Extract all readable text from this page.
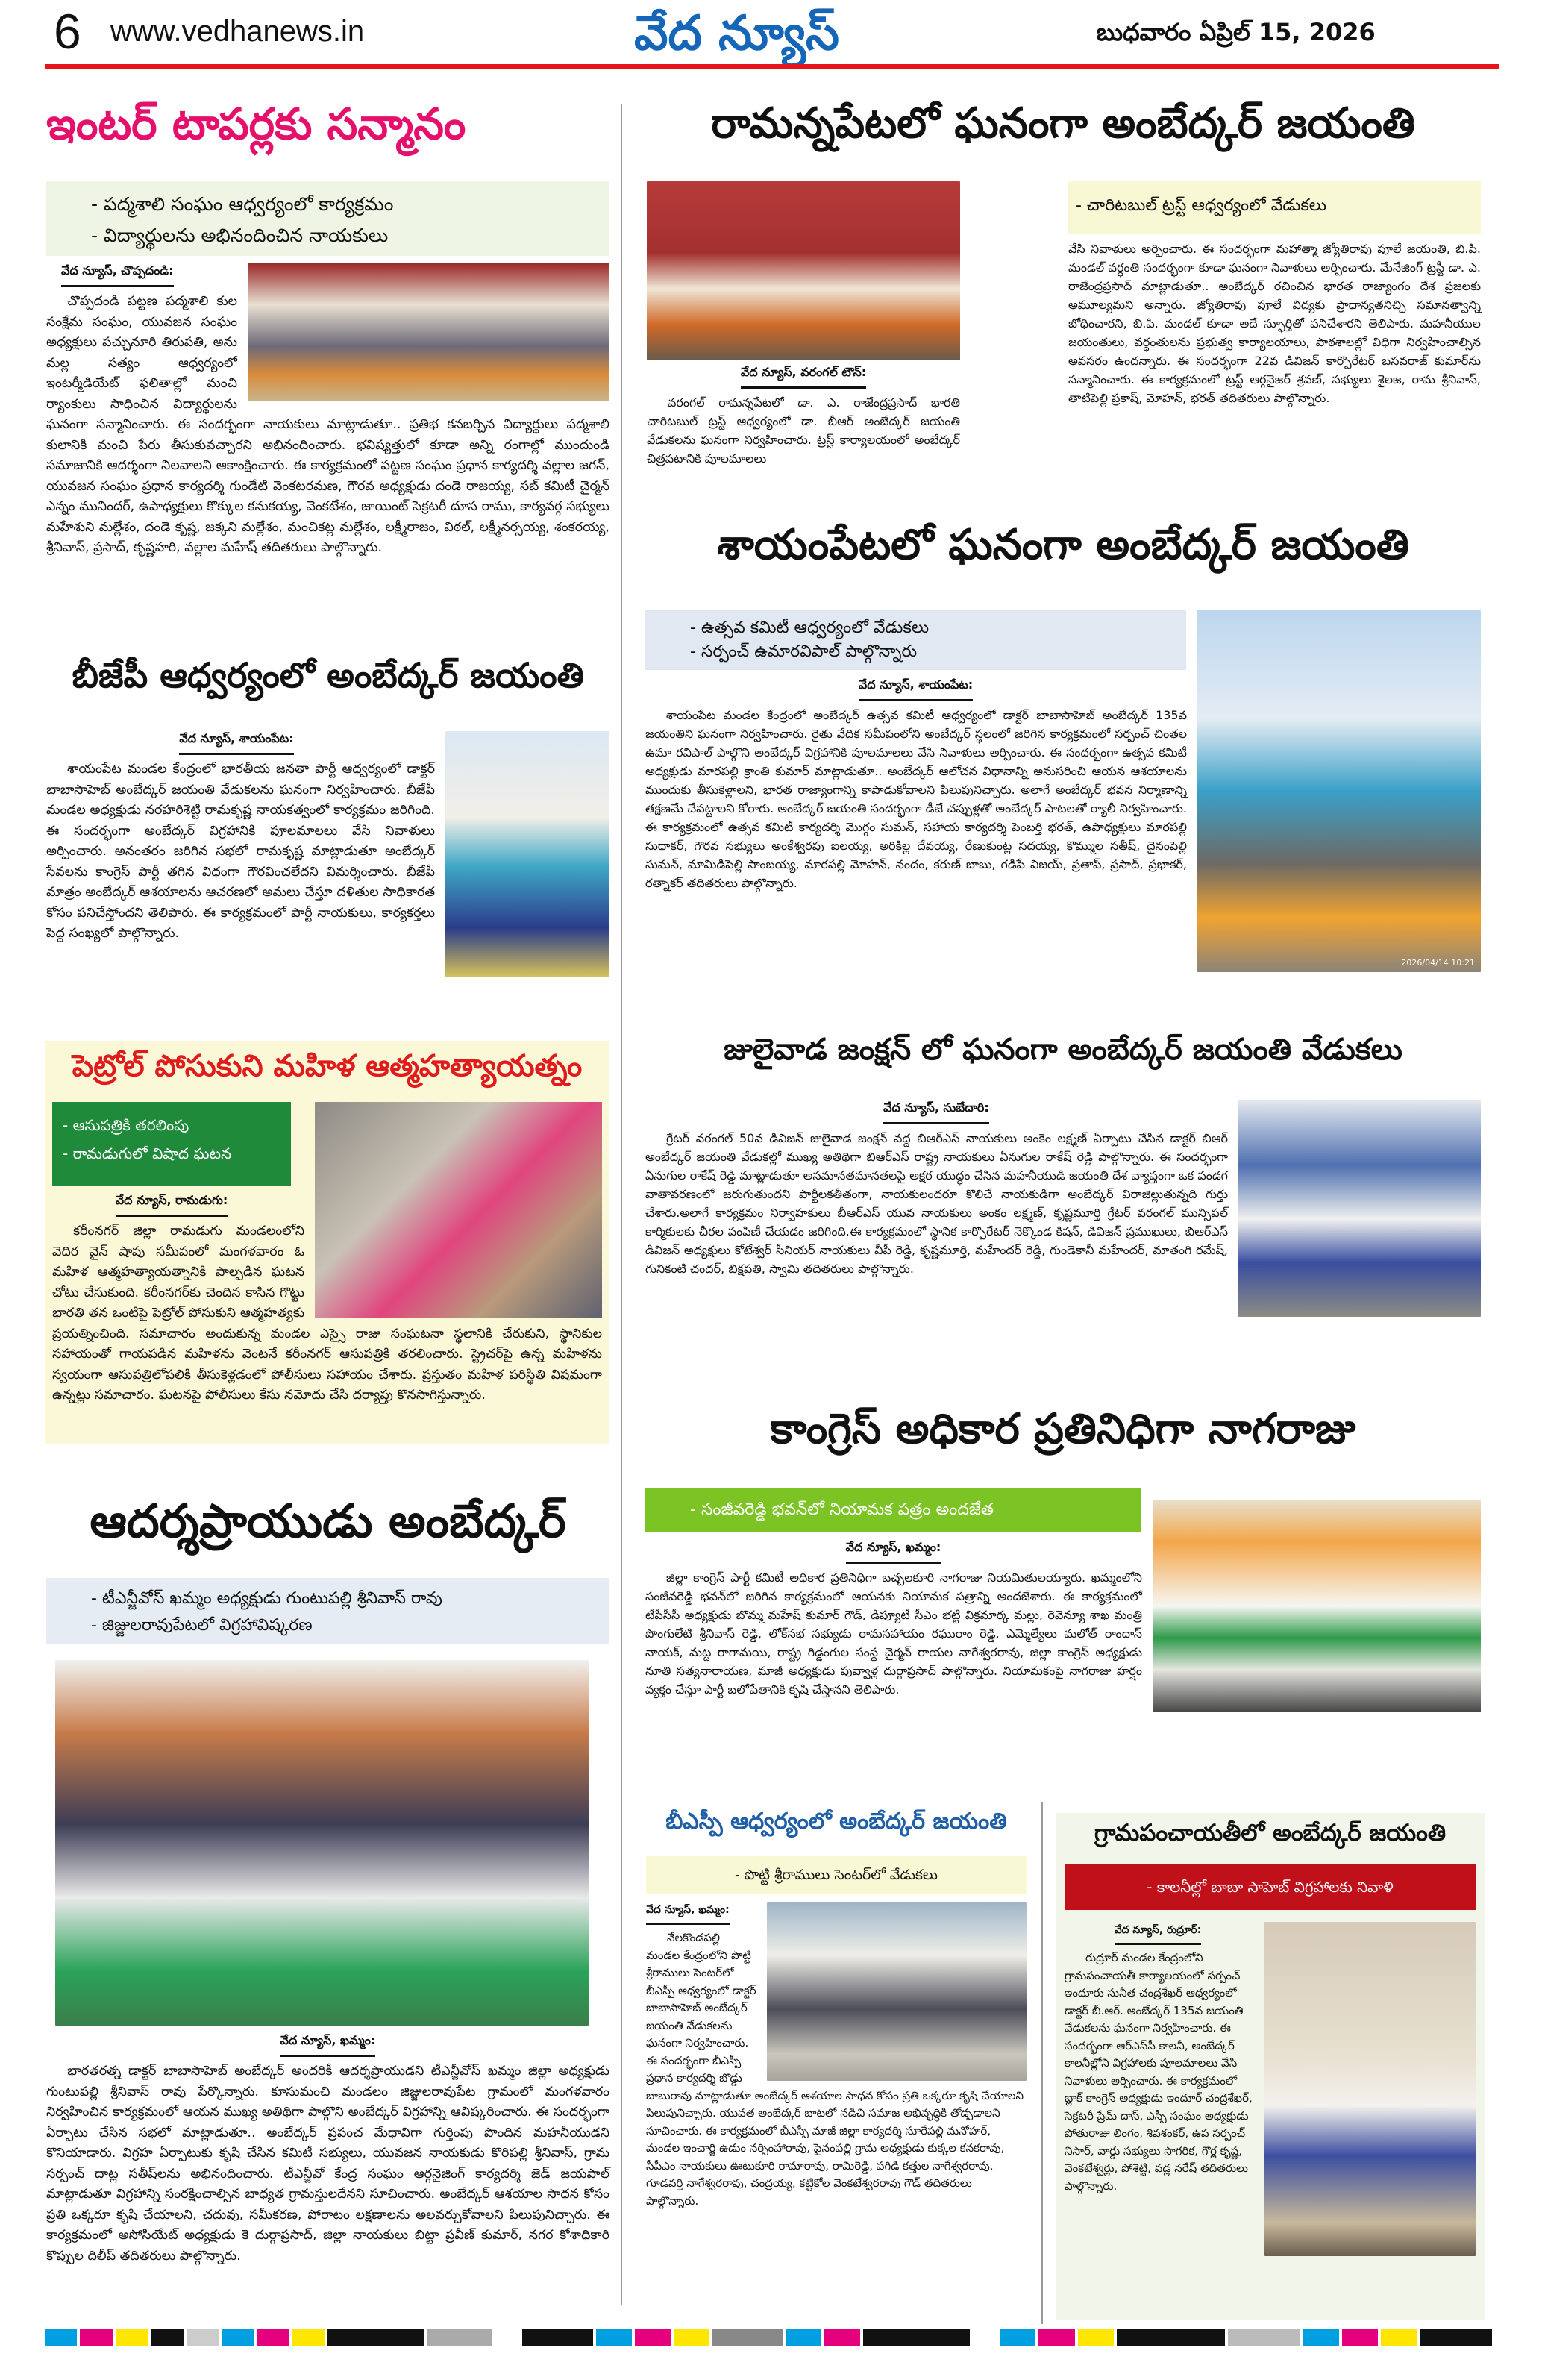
6 www.vedhanews.in	వేద న్యూస్	బుధవారం ఏప్రిల్ 15, 2026
ఇంటర్ టాపర్లకు సన్మానం
- పద్మశాలి సంఘం ఆధ్వర్యంలో కార్యక్రమం
- విద్యార్థులను అభినందించిన నాయకులు
వేద న్యూస్, చొప్పదండి:
చొప్పదండి పట్టణ పద్మశాలి కుల సంక్షేమ సంఘం, యువజన సంఘం అధ్యక్షులు పచ్చునూరి తిరుపతి, అను మల్ల సత్యం ఆధ్వర్యంలో ఇంటర్మీడియేట్ ఫలితాల్లో మంచి ర్యాంకులు సాధించిన విద్యార్థులను ఘనంగా సన్మానించారు. ఈ సందర్భంగా నాయకులు మాట్లాడుతూ.. ప్రతిభ కనబర్చిన విద్యార్థులు పద్మశాలి కులానికి మంచి పేరు తీసుకువచ్చారని అభినందించారు. భవిష్యత్తులో కూడా అన్ని రంగాల్లో ముందుండి సమాజానికి ఆదర్శంగా నిలవాలని ఆకాంక్షించారు. ఈ కార్యక్రమంలో పట్టణ సంఘం ప్రధాన కార్యదర్శి వల్లాల జగన్, యువజన సంఘం ప్రధాన కార్యదర్శి గుండేటి వెంకటరమణ, గౌరవ అధ్యక్షుడు దండె రాజయ్య, సబ్ కమిటీ చైర్మన్ ఎన్నం మునిందర్, ఉపాధ్యక్షులు కొక్కుల కనుకయ్య, వెంకటేశం, జాయింట్ సెక్రటరీ దూస రాము, కార్యవర్గ సభ్యులు మహేశుని మల్లేశం, దండె కృష్ణ, జక్కని మల్లేశం, మంచికట్ల మల్లేశం, లక్ష్మీరాజం, విఠల్, లక్ష్మీనర్సయ్య, శంకరయ్య, శ్రీనివాస్, ప్రసాద్, కృష్ణహరి, వల్లాల మహేష్ తదితరులు పాల్గొన్నారు.
బీజేపీ ఆధ్వర్యంలో అంబేద్కర్ జయంతి
వేద న్యూస్, శాయంపేట:
శాయంపేట మండల కేంద్రంలో భారతీయ జనతా పార్టీ ఆధ్వర్యంలో డాక్టర్ బాబాసాహెబ్ అంబేద్కర్ జయంతి వేడుకలను ఘనంగా నిర్వహించారు. బీజేపీ మండల అధ్యక్షుడు నరహరిశెట్టి రామకృష్ణ నాయకత్వంలో కార్యక్రమం జరిగింది. ఈ సందర్భంగా అంబేద్కర్ విగ్రహానికి పూలమాలలు వేసి నివాళులు అర్పించారు. అనంతరం జరిగిన సభలో రామకృష్ణ మాట్లాడుతూ అంబేద్కర్ సేవలను కాంగ్రెస్ పార్టీ తగిన విధంగా గౌరవించలేదని విమర్శించారు. బీజేపీ మాత్రం అంబేద్కర్ ఆశయాలను ఆచరణలో అమలు చేస్తూ దళితుల సాధికారత కోసం పనిచేస్తోందని తెలిపారు. ఈ కార్యక్రమంలో పార్టీ నాయకులు, కార్యకర్తలు పెద్ద సంఖ్యలో పాల్గొన్నారు.
పెట్రోల్ పోసుకుని మహిళ ఆత్మహత్యాయత్నం
- ఆసుపత్రికి తరలింపు
- రామడుగులో విషాద ఘటన
వేద న్యూస్, రామడుగు:
కరీంనగర్ జిల్లా రామడుగు మండలంలోని వెదిర వైన్ షాపు సమీపంలో మంగళవారం ఓ మహిళ ఆత్మహత్యాయత్నానికి పాల్పడిన ఘటన చోటు చేసుకుంది. కరీంనగర్‌కు చెందిన కాసిన గొట్టు భారతి తన ఒంటిపై పెట్రోల్ పోసుకుని ఆత్మహత్యకు ప్రయత్నించింది. సమాచారం అందుకున్న మండల ఎస్సై రాజు సంఘటనా స్థలానికి చేరుకుని, స్థానికుల సహాయంతో గాయపడిన మహిళను వెంటనే కరీంనగర్ ఆసుపత్రికి తరలించారు. స్ట్రెచర్‌పై ఉన్న మహిళను స్వయంగా ఆసుపత్రిలోపలికి తీసుకెళ్లడంలో పోలీసులు సహాయం చేశారు. ప్రస్తుతం మహిళ పరిస్థితి విషమంగా ఉన్నట్లు సమాచారం. ఘటనపై పోలీసులు కేసు నమోదు చేసి దర్యాప్తు కొనసాగిస్తున్నారు.
ఆదర్శప్రాయుడు అంబేద్కర్
- టీఎన్జీవోస్ ఖమ్మం అధ్యక్షుడు గుంటుపల్లి శ్రీనివాస్ రావు
- జిజ్జులరావుపేటలో విగ్రహావిష్కరణ
వేద న్యూస్, ఖమ్మం:
భారతరత్న డాక్టర్ బాబాసాహెబ్ అంబేద్కర్ అందరికీ ఆదర్శప్రాయుడని టీఎన్జీవోస్ ఖమ్మం జిల్లా అధ్యక్షుడు గుంటుపల్లి శ్రీనివాస్ రావు పేర్కొన్నారు. కూసుమంచి మండలం జిజ్జులరావుపేట గ్రామంలో మంగళవారం నిర్వహించిన కార్యక్రమంలో ఆయన ముఖ్య అతిథిగా పాల్గొని అంబేద్కర్ విగ్రహాన్ని ఆవిష్కరించారు. ఈ సందర్భంగా ఏర్పాటు చేసిన సభలో మాట్లాడుతూ.. అంబేద్కర్ ప్రపంచ మేధావిగా గుర్తింపు పొందిన మహనీయుడని కొనియాడారు. విగ్రహ ఏర్పాటుకు కృషి చేసిన కమిటీ సభ్యులు, యువజన నాయకుడు కొరిపల్లి శ్రీనివాస్, గ్రామ సర్పంచ్ దాట్ల సతీష్‌లను అభినందించారు. టీఎన్జీవో కేంద్ర సంఘం ఆర్గనైజింగ్ కార్యదర్శి జెడ్ జయపాల్ మాట్లాడుతూ విగ్రహాన్ని సంరక్షించాల్సిన బాధ్యత గ్రామస్తులదేనని సూచించారు. అంబేద్కర్ ఆశయాల సాధన కోసం ప్రతి ఒక్కరూ కృషి చేయాలని, చదువు, సమీకరణ, పోరాటం లక్షణాలను అలవర్చుకోవాలని పిలుపునిచ్చారు. ఈ కార్యక్రమంలో అసోసియేట్ అధ్యక్షుడు కె దుర్గాప్రసాద్, జిల్లా నాయకులు బిట్టా ప్రవీణ్ కుమార్, నగర కోశాధికారి కొప్పుల దిలీప్ తదితరులు పాల్గొన్నారు.
రామన్నపేటలో ఘనంగా అంబేద్కర్ జయంతి
వేద న్యూస్, వరంగల్ టౌన్:
వరంగల్ రామన్నపేటలో డా. ఎ. రాజేంద్రప్రసాద్ భారతి చారిటబుల్ ట్రస్ట్ ఆధ్వర్యంలో డా. బీఆర్ అంబేద్కర్ జయంతి వేడుకలను ఘనంగా నిర్వహించారు. ట్రస్ట్ కార్యాలయంలో అంబేద్కర్ చిత్రపటానికి పూలమాలలు
- చారిటబుల్ ట్రస్ట్ ఆధ్వర్యంలో వేడుకలు
వేసి నివాళులు అర్పించారు. ఈ సందర్భంగా మహాత్మా జ్యోతిరావు పూలే జయంతి, బి.పి. మండల్ వర్ధంతి సందర్భంగా కూడా ఘనంగా నివాళులు అర్పించారు. మేనేజింగ్ ట్రస్టీ డా. ఎ. రాజేంద్రప్రసాద్ మాట్లాడుతూ.. అంబేద్కర్ రచించిన భారత రాజ్యాంగం దేశ ప్రజలకు అమూల్యమని అన్నారు. జ్యోతిరావు పూలే విద్యకు ప్రాధాన్యతనిచ్చి సమానత్వాన్ని బోధించారని, బి.పి. మండల్ కూడా అదే స్ఫూర్తితో పనిచేశారని తెలిపారు. మహనీయుల జయంతులు, వర్ధంతులను ప్రభుత్వ కార్యాలయాలు, పాఠశాలల్లో విధిగా నిర్వహించాల్సిన అవసరం ఉందన్నారు. ఈ సందర్భంగా 22వ డివిజన్ కార్పొరేటర్ బసవరాజ్ కుమార్‌ను సన్మానించారు. ఈ కార్యక్రమంలో ట్రస్ట్ ఆర్గనైజర్ శ్రవణ్, సభ్యులు శైలజ, రామ శ్రీనివాస్, తాటిపెల్లి ప్రకాష్, మోహన్, భరత్ తదితరులు పాల్గొన్నారు.
శాయంపేటలో ఘనంగా అంబేద్కర్ జయంతి
2026/04/14 10:21
- ఉత్సవ కమిటీ ఆధ్వర్యంలో వేడుకలు
- సర్పంచ్ ఉమారవిపాల్ పాల్గొన్నారు
వేద న్యూస్, శాయంపేట:
శాయంపేట మండల కేంద్రంలో అంబేద్కర్ ఉత్సవ కమిటీ ఆధ్వర్యంలో డాక్టర్ బాబాసాహెబ్ అంబేద్కర్ 135వ జయంతిని ఘనంగా నిర్వహించారు. రైతు వేదిక సమీపంలోని అంబేద్కర్ స్థలంలో జరిగిన కార్యక్రమంలో సర్పంచ్ చింతల ఉమా రవిపాల్ పాల్గొని అంబేద్కర్ విగ్రహానికి పూలమాలలు వేసి నివాళులు అర్పించారు. ఈ సందర్భంగా ఉత్సవ కమిటీ అధ్యక్షుడు మారపల్లి క్రాంతి కుమార్ మాట్లాడుతూ.. అంబేద్కర్ ఆలోచన విధానాన్ని అనుసరించి ఆయన ఆశయాలను ముందుకు తీసుకెళ్లాలని, భారత రాజ్యాంగాన్ని కాపాడుకోవాలని పిలుపునిచ్చారు. అలాగే అంబేద్కర్ భవన నిర్మాణాన్ని తక్షణమే చేపట్టాలని కోరారు. అంబేద్కర్ జయంతి సందర్భంగా డీజే చప్పుళ్లతో అంబేద్కర్ పాటలతో ర్యాలీ నిర్వహించారు. ఈ కార్యక్రమంలో ఉత్సవ కమిటీ కార్యదర్శి మొగ్గం సుమన్, సహాయ కార్యదర్శి పెంబర్తి భరత్, ఉపాధ్యక్షులు మారపల్లి సుధాకర్, గౌరవ సభ్యులు అంకేశ్వరపు ఐలయ్య, అరికిల్ల దేవయ్య, రేణుకుంట్ల సదయ్య, కొమ్ముల సతీష్, దైనంపెల్లి సుమన్, మామిడిపెల్లి సాంబయ్య, మారపల్లి మోహన్, నందం, కరుణ్ బాబు, గడిపే విజయ్, ప్రతాప్, ప్రసాద్, ప్రభాకర్, రత్నాకర్ తదితరులు పాల్గొన్నారు.
జులైవాడ జంక్షన్ లో ఘనంగా అంబేద్కర్ జయంతి వేడుకలు
వేద న్యూస్, సుబేదారి:
గ్రేటర్ వరంగల్ 50వ డివిజన్ జులైవాడ జంక్షన్ వద్ద బిఆర్ఎస్ నాయకులు అంకెం లక్ష్మణ్ ఏర్పాటు చేసిన డాక్టర్ బిఆర్ అంబేద్కర్ జయంతి వేడుకల్లో ముఖ్య అతిథిగా బిఆర్ఎస్ రాష్ట్ర నాయకులు ఏనుగుల రాకేష్ రెడ్డి పాల్గొన్నారు. ఈ సందర్భంగా ఏనుగుల రాకేష్ రెడ్డి మాట్లాడుతూ అసమానతమానతలపై అక్షర యుద్ధం చేసిన మహనీయుడి జయంతి దేశ వ్యాప్తంగా ఒక పండగ వాతావరణంలో జరుగుతుందని పార్టీలకతీతంగా, నాయకులందరూ కొలిచే నాయకుడిగా అంబేద్కర్ విరాజిల్లుతున్నది గుర్తు చేశారు.అలాగే కార్యక్రమం నిర్వాహకులు బీఆర్ఎస్ యువ నాయకులు అంకం లక్ష్మణ్, కృష్ణమూర్తి గ్రేటర్ వరంగల్ మున్సిపల్ కార్మికులకు చీరల పంపిణీ చేయడం జరిగింది.ఈ కార్యక్రమంలో స్థానిక కార్పొరేటర్ నెక్కొండ కిషన్, డివిజన్ ప్రముఖులు, బిఆర్ఎస్ డివిజన్ అధ్యక్షులు కోటేశ్వర్ సీనియర్ నాయకులు వీపీ రెడ్డి, కృష్ణమూర్తి, మహేందర్ రెడ్డి, గుండెకానీ మహేందర్, మాతంగి రమేష్, గునికంటి చందర్, బిక్షపతి, స్వామి తదితరులు పాల్గొన్నారు.
కాంగ్రెస్ అధికార ప్రతినిధిగా నాగరాజు
- సంజీవరెడ్డి భవన్‌లో నియామక పత్రం అందజేత
వేద న్యూస్, ఖమ్మం:
జిల్లా కాంగ్రెస్ పార్టీ కమిటీ అధికార ప్రతినిధిగా బచ్చలకూరి నాగరాజు నియమితులయ్యారు. ఖమ్మంలోని సంజీవరెడ్డి భవన్‌లో జరిగిన కార్యక్రమంలో ఆయనకు నియామక పత్రాన్ని అందజేశారు. ఈ కార్యక్రమంలో టీపీసీసీ అధ్యక్షుడు బొమ్మ మహేష్ కుమార్ గౌడ్, డిప్యూటీ సీఎం భట్టి విక్రమార్క మల్లు, రెవెన్యూ శాఖ మంత్రి పొంగులేటి శ్రీనివాస్ రెడ్డి, లోక్‌సభ సభ్యుడు రామసహాయం రఘురాం రెడ్డి, ఎమ్మెల్యేలు మలోత్ రాందాస్ నాయక్, మట్ట రాగామయి, రాష్ట్ర గిడ్డంగుల సంస్థ చైర్మన్ రాయల నాగేశ్వరరావు, జిల్లా కాంగ్రెస్ అధ్యక్షుడు నూతి సత్యనారాయణ, మాజీ అధ్యక్షుడు పువ్వాళ్ల దుర్గాప్రసాద్ పాల్గొన్నారు. నియామకంపై నాగరాజు హర్షం వ్యక్తం చేస్తూ పార్టీ బలోపేతానికి కృషి చేస్తానని తెలిపారు.
బీఎస్పీ ఆధ్వర్యంలో అంబేద్కర్ జయంతి
- పొట్టి శ్రీరాములు సెంటర్‌లో వేడుకలు
వేద న్యూస్, ఖమ్మం:
నేలకొండపల్లి మండల కేంద్రంలోని పొట్టి శ్రీరాములు సెంటర్‌లో బీఎస్పీ ఆధ్వర్యంలో డాక్టర్ బాబాసాహెబ్ అంబేద్కర్ జయంతి వేడుకలను ఘనంగా నిర్వహించారు. ఈ సందర్భంగా బీఎస్పీ ప్రధాన కార్యదర్శి బొడ్డు బాబురావు మాట్లాడుతూ అంబేద్కర్ ఆశయాల సాధన కోసం ప్రతి ఒక్కరూ కృషి చేయాలని పిలుపునిచ్చారు. యువత అంబేద్కర్ బాటలో నడిచి సమాజ అభివృద్ధికి తోడ్పడాలని సూచించారు. ఈ కార్యక్రమంలో బీఎస్పీ మాజీ జిల్లా కార్యదర్శి సూరేపల్లి మనోహర్, మండల ఇంచార్జి ఉడుం నర్సింహారావు, పైనంపల్లి గ్రామ అధ్యక్షుడు కుక్కల కనకరావు, సీపీఎం నాయకులు ఊటుకూరి రామారావు, రామిరెడ్డి, పగిడి కత్తుల నాగేశ్వరరావు, గూడవర్తి నాగేశ్వరరావు, చంద్రయ్య, కట్టికోల వెంకటేశ్వరరావు గౌడ్ తదితరులు పాల్గొన్నారు.
గ్రామపంచాయతీలో అంబేద్కర్ జయంతి
- కాలనీల్లో బాబా సాహెబ్ విగ్రహాలకు నివాళి
వేద న్యూస్, రుద్రూర్:
రుద్రూర్ మండల కేంద్రంలోని గ్రామపంచాయతీ కార్యాలయంలో సర్పంచ్ ఇందూరు సునీత చంద్రశేఖర్ ఆధ్వర్యంలో డాక్టర్ బీ.ఆర్. అంబేద్కర్ 135వ జయంతి వేడుకలను ఘనంగా నిర్వహించారు. ఈ సందర్భంగా ఆర్ఎస్‌సీ కాలనీ, అంబేద్కర్ కాలనీల్లోని విగ్రహాలకు పూలమాలలు వేసి నివాళులు అర్పించారు. ఈ కార్యక్రమంలో బ్లాక్ కాంగ్రెస్ అధ్యక్షుడు ఇందూర్ చంద్రశేఖర్, సెక్రటరీ ప్రేమ్ దాస్, ఎస్సీ సంఘం అధ్యక్షుడు పోతురాజు లింగం, శివశంకర్, ఉప సర్పంచ్ నిసార్, వార్డు సభ్యులు సాగరిక, గొర్ల కృష్ణ, వెంకటేశ్వర్లు, పోశెట్టి, వడ్ల నరేష్ తదితరులు పాల్గొన్నారు.
